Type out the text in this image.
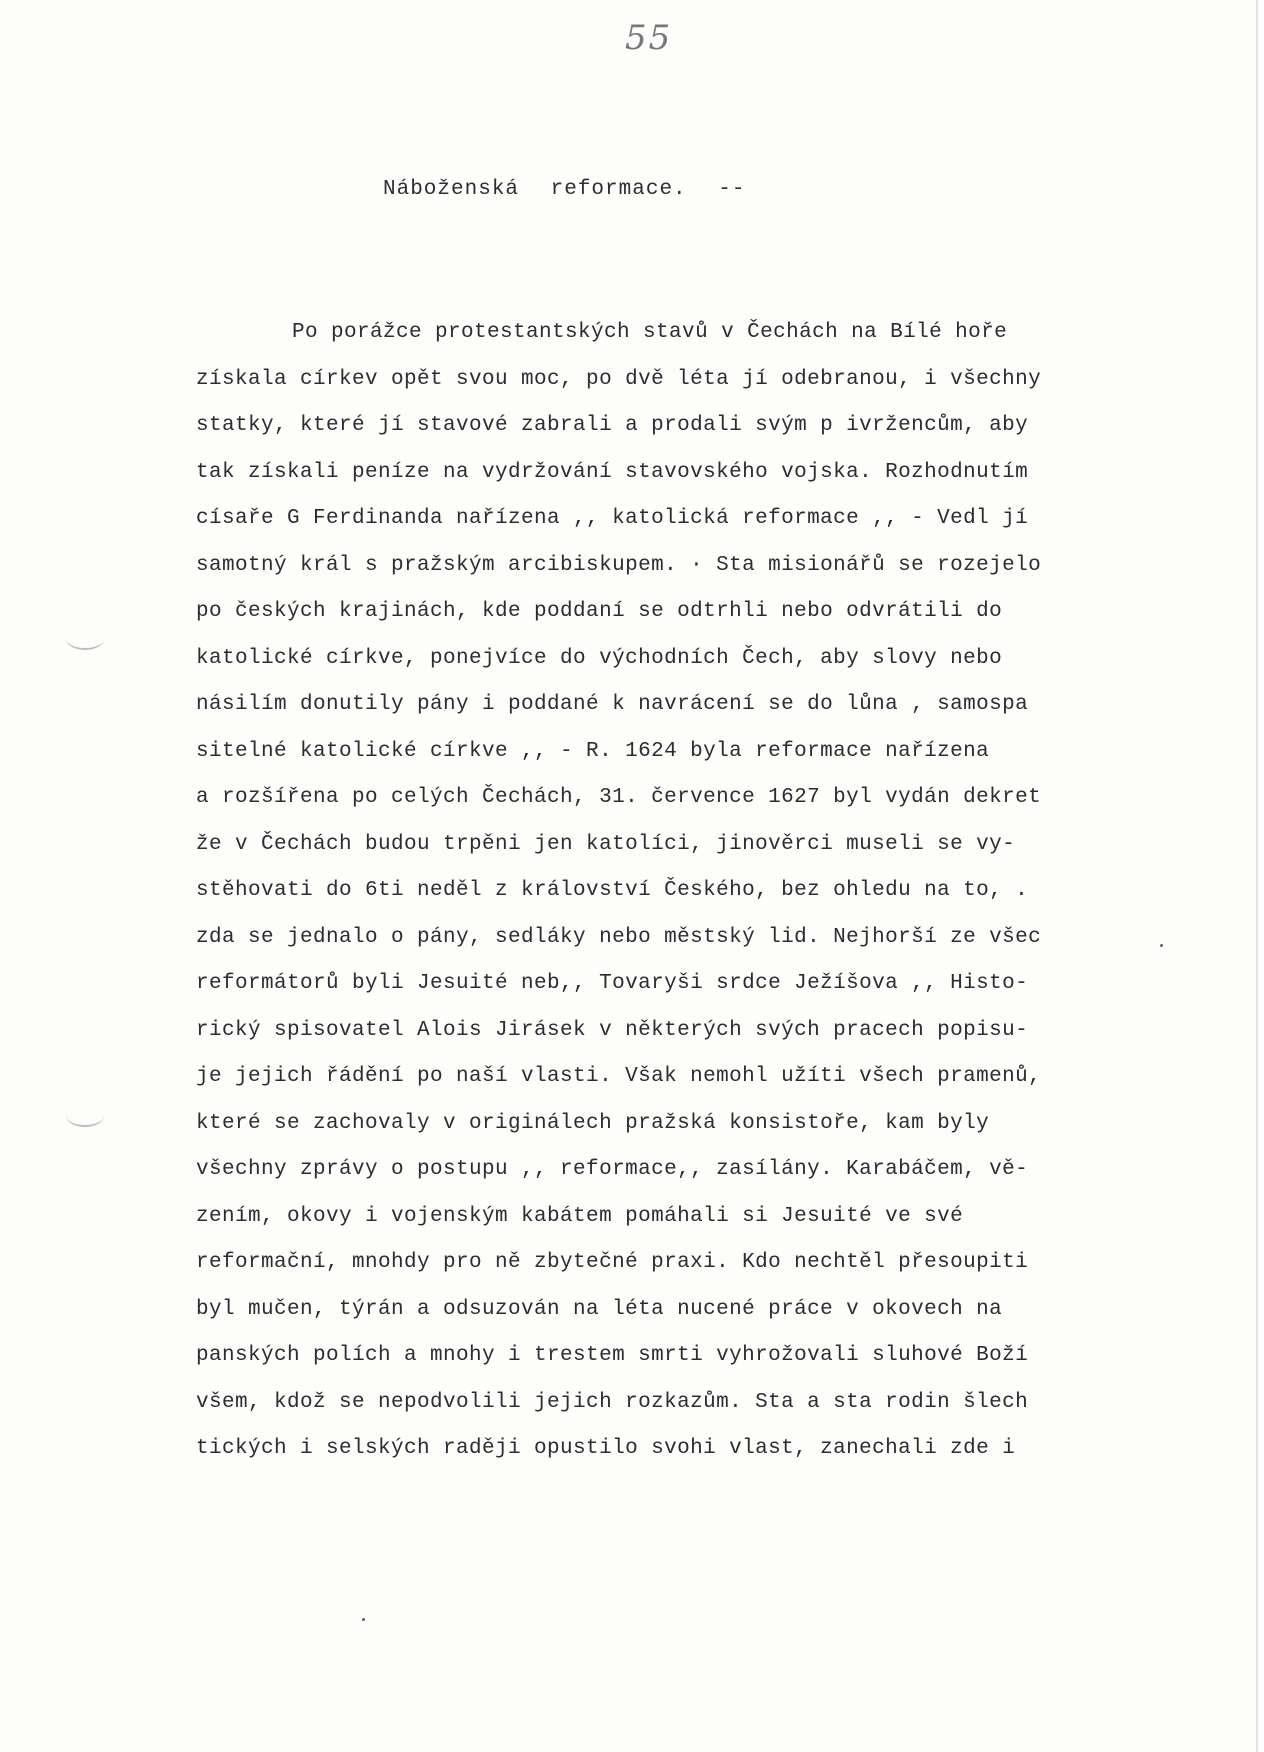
55
Náboženská reformace. --
Po porážce protestantských stavů v Čechách na Bílé hoře
získala církev opět svou moc, po dvě léta jí odebranou, i všechny
statky, které jí stavové zabrali a prodali svým p ivržencům, aby
tak získali peníze na vydržování stavovského vojska. Rozhodnutím
císaře G Ferdinanda nařízena ,, katolická reformace ,, - Vedl jí
samotný král s pražským arcibiskupem. · Sta misionářů se rozejelo
po českých krajinách, kde poddaní se odtrhli nebo odvrátili do
katolické církve, ponejvíce do východních Čech, aby slovy nebo
násilím donutily pány i poddané k navrácení se do lůna , samospa
sitelné katolické církve ,, - R. 1624 byla reformace nařízena
a rozšířena po celých Čechách, 31. července 1627 byl vydán dekret
že v Čechách budou trpěni jen katolíci, jinověrci museli se vy-
stěhovati do 6ti neděl z království Českého, bez ohledu na to, .
zda se jednalo o pány, sedláky nebo městský lid. Nejhorší ze všec
reformátorů byli Jesuité neb,, Tovaryši srdce Ježíšova ,, Histo-
rický spisovatel Alois Jirásek v některých svých pracech popisu-
je jejich řádění po naší vlasti. Však nemohl užíti všech pramenů,
které se zachovaly v originálech pražská konsistoře, kam byly
všechny zprávy o postupu ,, reformace,, zasílány. Karabáčem, vě-
zením, okovy i vojenským kabátem pomáhali si Jesuité ve své
reformační, mnohdy pro ně zbytečné praxi. Kdo nechtěl přesoupiti
byl mučen, týrán a odsuzován na léta nucené práce v okovech na
panských polích a mnohy i trestem smrti vyhrožovali sluhové Boží
všem, kdož se nepodvolili jejich rozkazům. Sta a sta rodin šlech
tických i selských raději opustilo svohi vlast, zanechali zde i
